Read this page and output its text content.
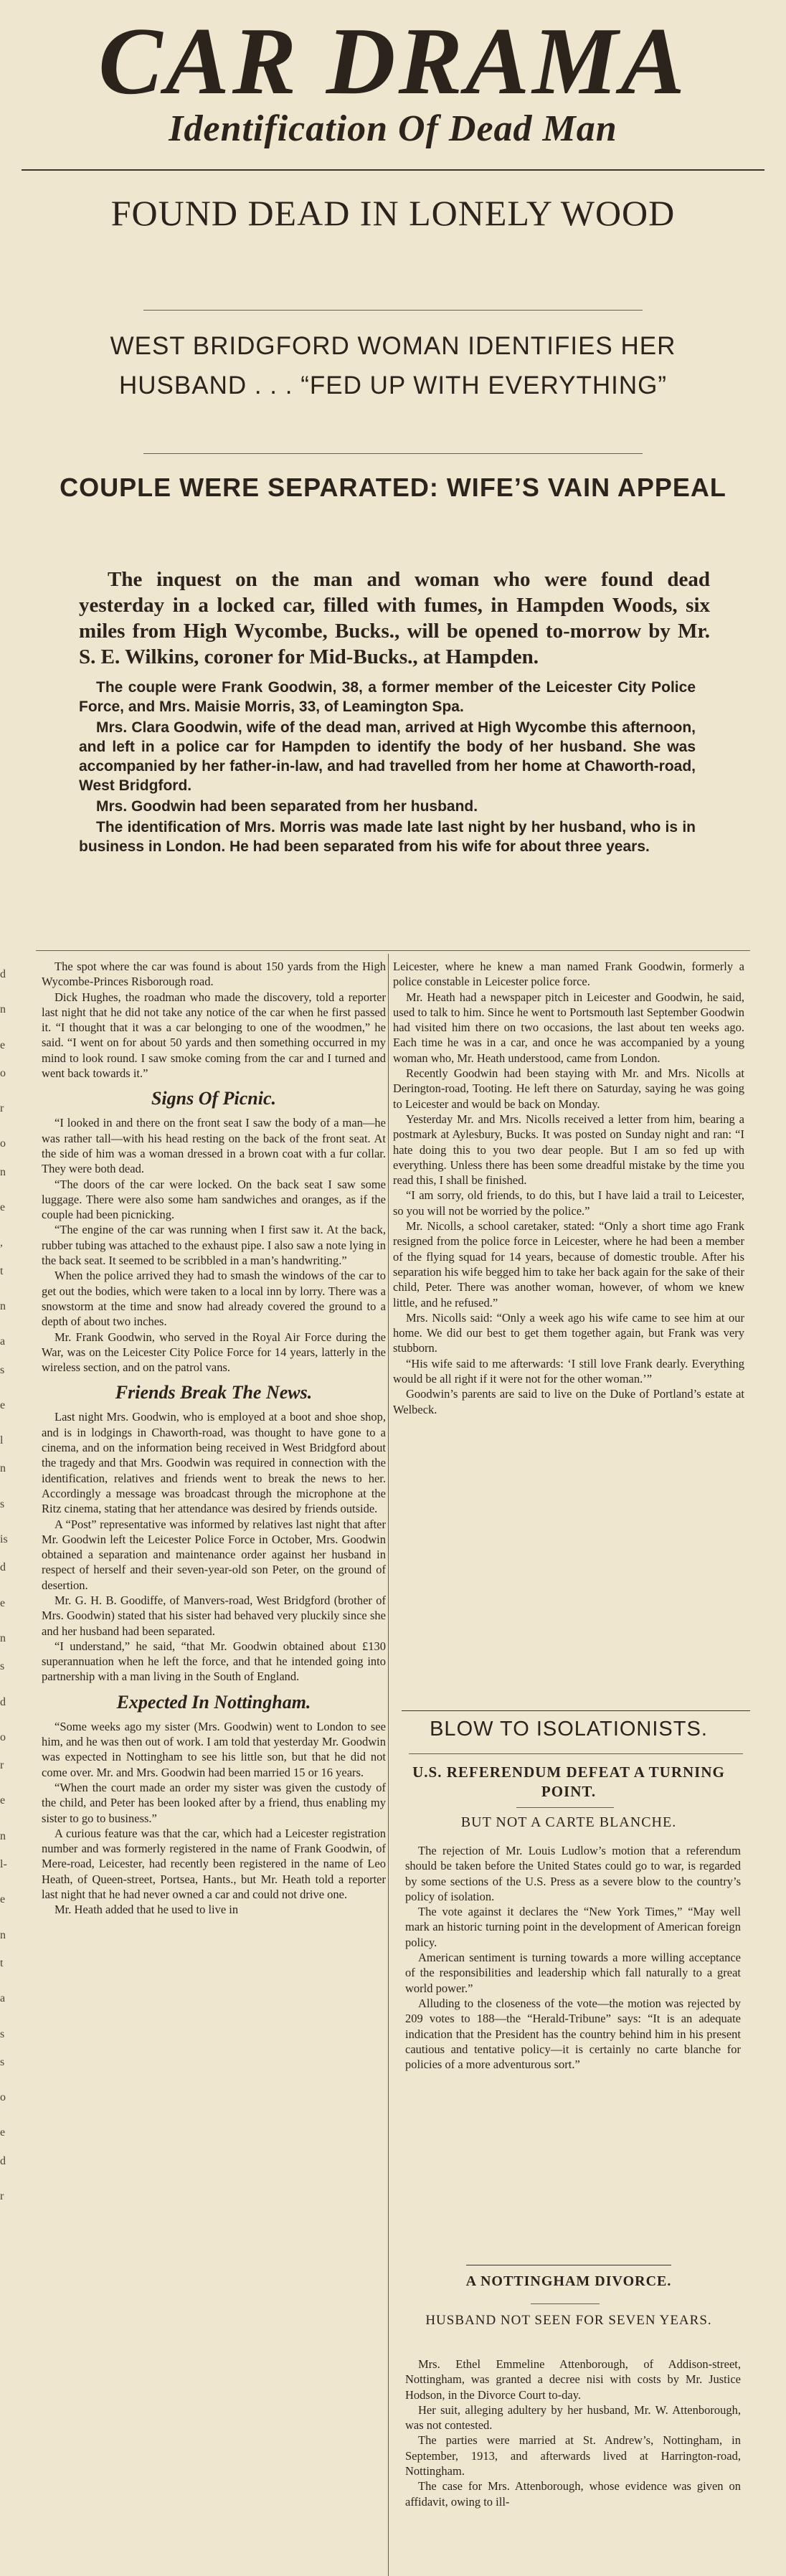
CAR DRAMA
Identification Of Dead Man
FOUND DEAD IN LONELY WOOD
WEST BRIDGFORD WOMAN IDENTIFIES HER HUSBAND . . . “FED UP WITH EVERYTHING”
COUPLE WERE SEPARATED: WIFE’S VAIN APPEAL
The inquest on the man and woman who were found dead yesterday in a locked car, filled with fumes, in Hampden Woods, six miles from High Wycombe, Bucks., will be opened to-morrow by Mr. S. E. Wilkins, coroner for Mid-Bucks., at Hampden.

The couple were Frank Goodwin, 38, a former member of the Leicester City Police Force, and Mrs. Maisie Morris, 33, of Leamington Spa.

Mrs. Clara Goodwin, wife of the dead man, arrived at High Wycombe this afternoon, and left in a police car for Hampden to identify the body of her husband. She was accompanied by her father-in-law, and had travelled from her home at Chaworth-road, West Bridgford.

Mrs. Goodwin had been separated from her husband.

The identification of Mrs. Morris was made late last night by her husband, who is in business in London. He had been separated from his wife for about three years.

d
n
e
o
r
o
n
e
,
t
n
a
s
e
l
n
s
is
d
e
n
s
d
o
r
e
n
l-
e
n
t
a
s
s
o
e
d
r

The spot where the car was found is about 150 yards from the High Wycombe-Princes Risborough road.

Dick Hughes, the roadman who made the discovery, told a reporter last night that he did not take any notice of the car when he first passed it. “I thought that it was a car belonging to one of the woodmen,” he said. “I went on for about 50 yards and then something occurred in my mind to look round. I saw smoke coming from the car and I turned and went back towards it.”

Signs Of Picnic.

“I looked in and there on the front seat I saw the body of a man—he was rather tall—with his head resting on the back of the front seat. At the side of him was a woman dressed in a brown coat with a fur collar. They were both dead.

“The doors of the car were locked. On the back seat I saw some luggage. There were also some ham sandwiches and oranges, as if the couple had been picnicking.

“The engine of the car was running when I first saw it. At the back, rubber tubing was attached to the exhaust pipe. I also saw a note lying in the back seat. It seemed to be scribbled in a man’s handwriting.”

When the police arrived they had to smash the windows of the car to get out the bodies, which were taken to a local inn by lorry. There was a snowstorm at the time and snow had already covered the ground to a depth of about two inches.

Mr. Frank Goodwin, who served in the Royal Air Force during the War, was on the Leicester City Police Force for 14 years, latterly in the wireless section, and on the patrol vans.

Friends Break The News.

Last night Mrs. Goodwin, who is employed at a boot and shoe shop, and is in lodgings in Chaworth-road, was thought to have gone to a cinema, and on the information being received in West Bridgford about the tragedy and that Mrs. Goodwin was required in connection with the identification, relatives and friends went to break the news to her. Accordingly a message was broadcast through the microphone at the Ritz cinema, stating that her attendance was desired by friends outside.

A “Post” representative was informed by relatives last night that after Mr. Goodwin left the Leicester Police Force in October, Mrs. Goodwin obtained a separation and maintenance order against her husband in respect of herself and their seven-year-old son Peter, on the ground of desertion.

Mr. G. H. B. Goodiffe, of Manvers-road, West Bridgford (brother of Mrs. Goodwin) stated that his sister had behaved very pluckily since she and her husband had been separated.

“I understand,” he said, “that Mr. Goodwin obtained about £130 superannuation when he left the force, and that he intended going into partnership with a man living in the South of England.

Expected In Nottingham.

“Some weeks ago my sister (Mrs. Goodwin) went to London to see him, and he was then out of work. I am told that yesterday Mr. Goodwin was expected in Nottingham to see his little son, but that he did not come over. Mr. and Mrs. Goodwin had been married 15 or 16 years.

“When the court made an order my sister was given the custody of the child, and Peter has been looked after by a friend, thus enabling my sister to go to business.”

A curious feature was that the car, which had a Leicester registration number and was formerly registered in the name of Frank Goodwin, of Mere-road, Leicester, had recently been registered in the name of Leo Heath, of Queen-street, Portsea, Hants., but Mr. Heath told a reporter last night that he had never owned a car and could not drive one.

Mr. Heath added that he used to live in

Leicester, where he knew a man named Frank Goodwin, formerly a police constable in Leicester police force.

Mr. Heath had a newspaper pitch in Leicester and Goodwin, he said, used to talk to him. Since he went to Portsmouth last September Goodwin had visited him there on two occasions, the last about ten weeks ago. Each time he was in a car, and once he was accompanied by a young woman who, Mr. Heath understood, came from London.

Recently Goodwin had been staying with Mr. and Mrs. Nicolls at Derington-road, Tooting. He left there on Saturday, saying he was going to Leicester and would be back on Monday.

Yesterday Mr. and Mrs. Nicolls received a letter from him, bearing a postmark at Aylesbury, Bucks. It was posted on Sunday night and ran: “I hate doing this to you two dear people. But I am so fed up with everything. Unless there has been some dreadful mistake by the time you read this, I shall be finished.

“I am sorry, old friends, to do this, but I have laid a trail to Leicester, so you will not be worried by the police.”

Mr. Nicolls, a school caretaker, stated: “Only a short time ago Frank resigned from the police force in Leicester, where he had been a member of the flying squad for 14 years, because of domestic trouble. After his separation his wife begged him to take her back again for the sake of their child, Peter. There was another woman, however, of whom we knew little, and he refused.”

Mrs. Nicolls said: “Only a week ago his wife came to see him at our home. We did our best to get them together again, but Frank was very stubborn.

“His wife said to me afterwards: ‘I still love Frank dearly. Everything would be all right if it were not for the other woman.’”

Goodwin’s parents are said to live on the Duke of Portland’s estate at Welbeck.

BLOW TO ISOLATIONISTS.
U.S. REFERENDUM DEFEAT A TURNING POINT.
BUT NOT A CARTE BLANCHE.

The rejection of Mr. Louis Ludlow’s motion that a referendum should be taken before the United States could go to war, is regarded by some sections of the U.S. Press as a severe blow to the country’s policy of isolation.

The vote against it declares the “New York Times,” “May well mark an historic turning point in the development of American foreign policy.

American sentiment is turning towards a more willing acceptance of the responsibilities and leadership which fall naturally to a great world power.”

Alluding to the closeness of the vote—the motion was rejected by 209 votes to 188—the “Herald-Tribune” says: “It is an adequate indication that the President has the country behind him in his present cautious and tentative policy—it is certainly no carte blanche for policies of a more adventurous sort.”

A NOTTINGHAM DIVORCE.
HUSBAND NOT SEEN FOR SEVEN YEARS.

Mrs. Ethel Emmeline Attenborough, of Addison-street, Nottingham, was granted a decree nisi with costs by Mr. Justice Hodson, in the Divorce Court to-day.

Her suit, alleging adultery by her husband, Mr. W. Attenborough, was not contested.

The parties were married at St. Andrew’s, Nottingham, in September, 1913, and afterwards lived at Harrington-road, Nottingham.

The case for Mrs. Attenborough, whose evidence was given on affidavit, owing to ill-
